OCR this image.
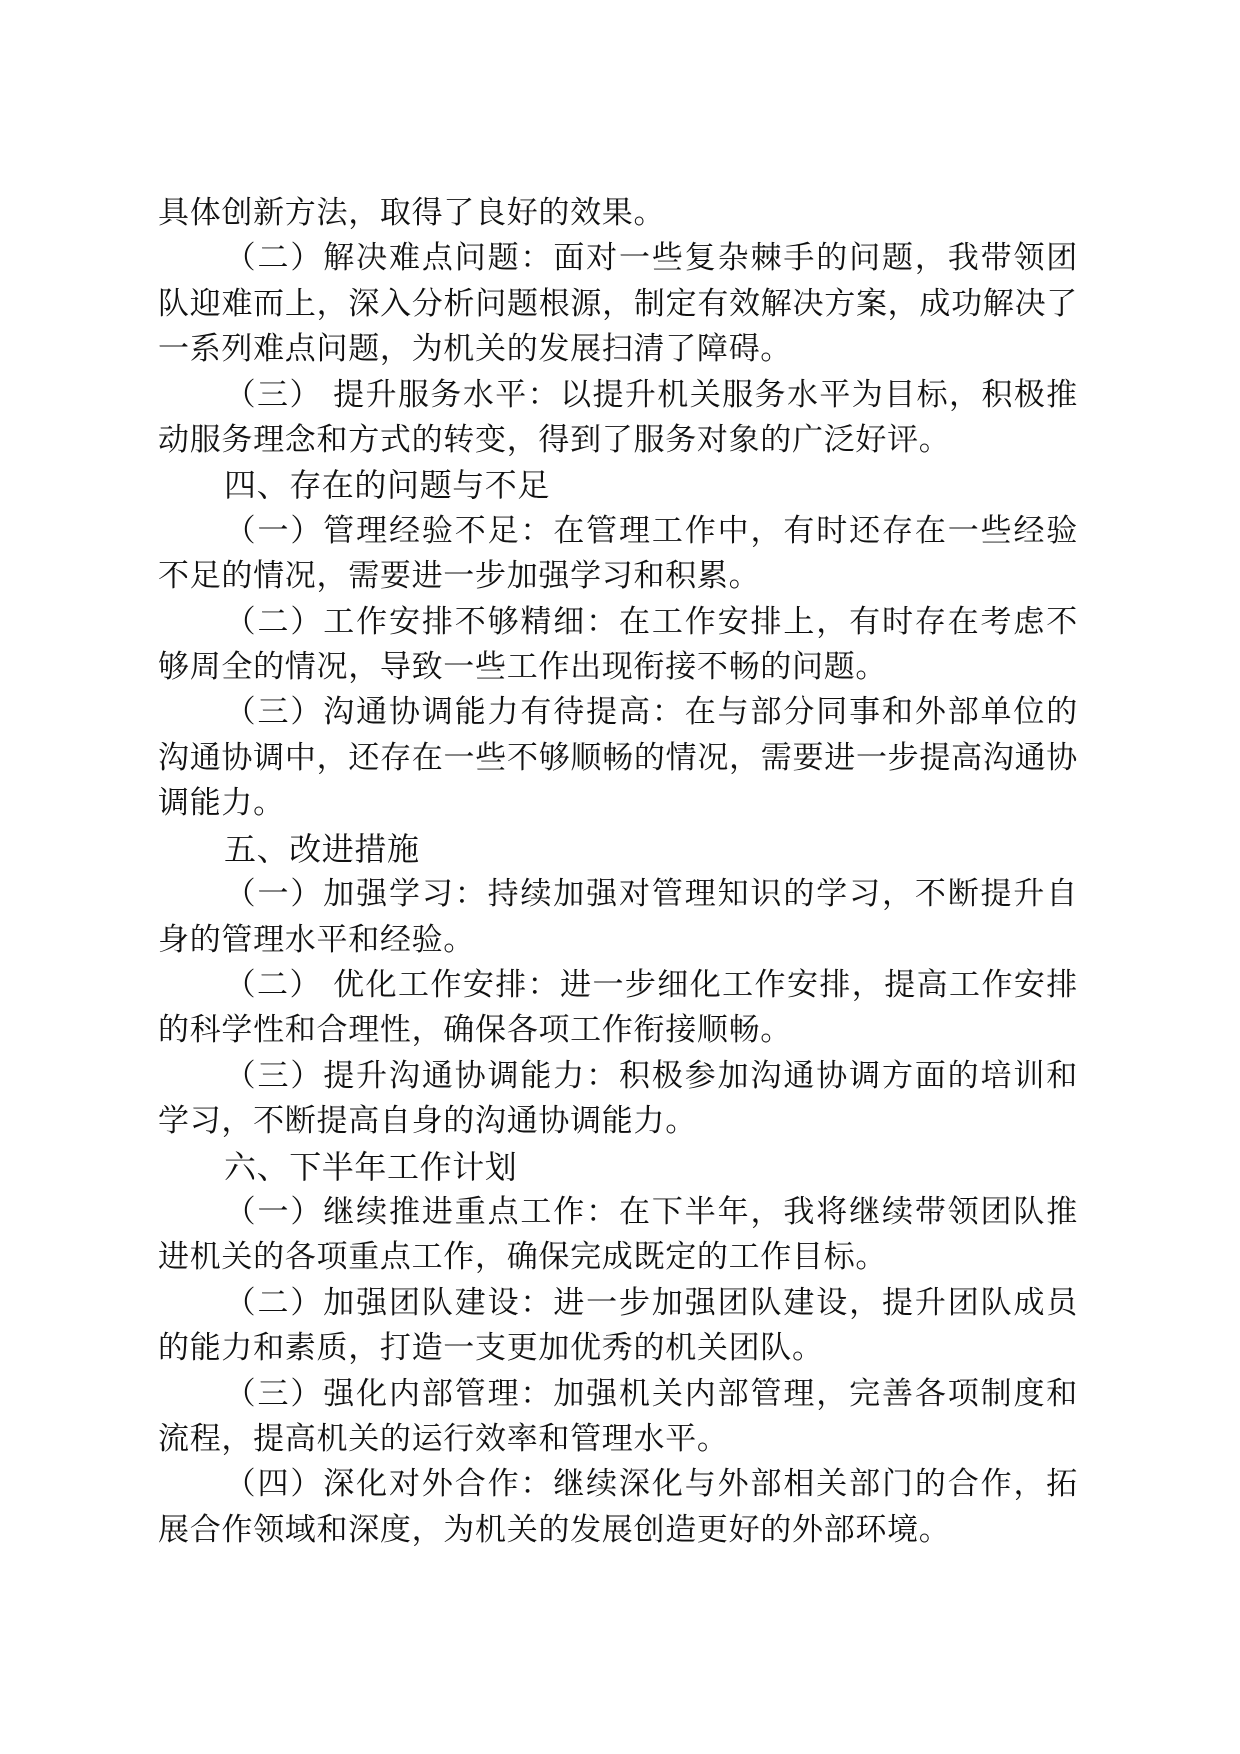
具体创新方法，取得了良好的效果。

（二）解决难点问题：面对一些复杂棘手的问题，我带领团队迎难而上，深入分析问题根源，制定有效解决方案，成功解决了一系列难点问题，为机关的发展扫清了障碍。

（三） 提升服务水平：以提升机关服务水平为目标，积极推动服务理念和方式的转变，得到了服务对象的广泛好评。

四、存在的问题与不足

（一）管理经验不足：在管理工作中，有时还存在一些经验不足的情况，需要进一步加强学习和积累。

（二）工作安排不够精细：在工作安排上，有时存在考虑不够周全的情况，导致一些工作出现衔接不畅的问题。

（三）沟通协调能力有待提高：在与部分同事和外部单位的沟通协调中，还存在一些不够顺畅的情况，需要进一步提高沟通协调能力。

五、改进措施

（一）加强学习：持续加强对管理知识的学习，不断提升自身的管理水平和经验。

（二） 优化工作安排：进一步细化工作安排，提高工作安排的科学性和合理性，确保各项工作衔接顺畅。

（三）提升沟通协调能力：积极参加沟通协调方面的培训和学习，不断提高自身的沟通协调能力。

六、下半年工作计划

（一）继续推进重点工作：在下半年，我将继续带领团队推进机关的各项重点工作，确保完成既定的工作目标。

（二）加强团队建设：进一步加强团队建设，提升团队成员的能力和素质，打造一支更加优秀的机关团队。

（三）强化内部管理：加强机关内部管理，完善各项制度和流程，提高机关的运行效率和管理水平。

（四）深化对外合作：继续深化与外部相关部门的合作，拓展合作领域和深度，为机关的发展创造更好的外部环境。
